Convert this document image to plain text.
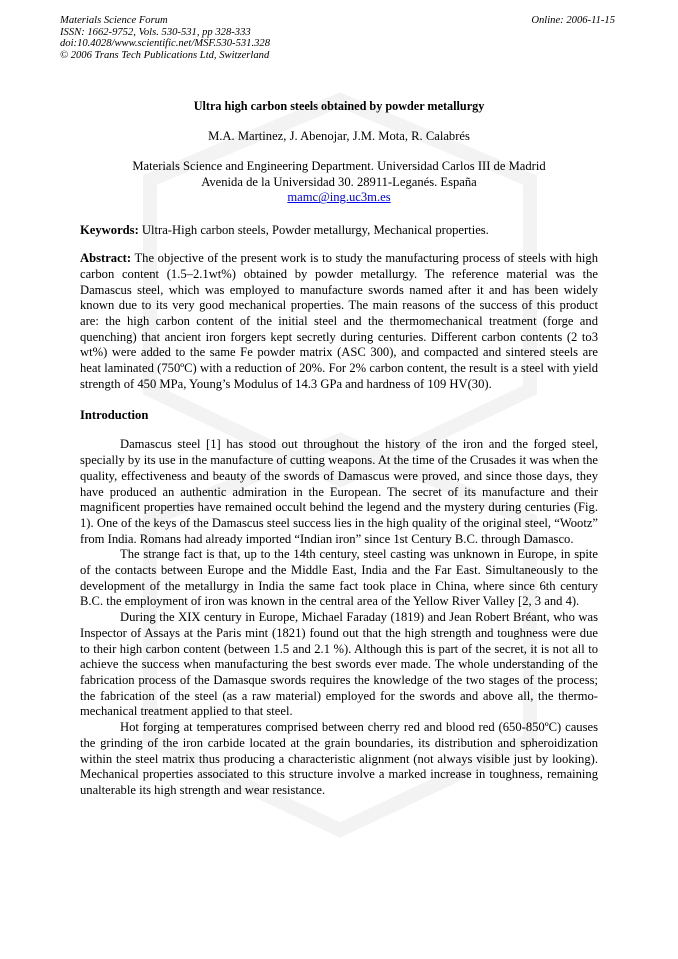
Materials Science Forum
ISSN: 1662-9752, Vols. 530-531, pp 328-333
doi:10.4028/www.scientific.net/MSF.530-531.328
© 2006 Trans Tech Publications Ltd, Switzerland
Online: 2006-11-15
Ultra high carbon steels obtained by powder metallurgy
M.A. Martinez, J. Abenojar, J.M. Mota, R. Calabrés
Materials Science and Engineering Department. Universidad Carlos III de Madrid
Avenida de la Universidad 30. 28911-Leganés. España
mamc@ing.uc3m.es
Keywords: Ultra-High carbon steels, Powder metallurgy, Mechanical properties.
Abstract: The objective of the present work is to study the manufacturing process of steels with high carbon content (1.5–2.1wt%) obtained by powder metallurgy. The reference material was the Damascus steel, which was employed to manufacture swords named after it and has been widely known due to its very good mechanical properties. The main reasons of the success of this product are: the high carbon content of the initial steel and the thermomechanical treatment (forge and quenching) that ancient iron forgers kept secretly during centuries. Different carbon contents (2 to3 wt%) were added to the same Fe powder matrix (ASC 300), and compacted and sintered steels are heat laminated (750ºC) with a reduction of 20%. For 2% carbon content, the result is a steel with yield strength of 450 MPa, Young’s Modulus of 14.3 GPa and hardness of 109 HV(30).
Introduction

Damascus steel [1] has stood out throughout the history of the iron and the forged steel, specially by its use in the manufacture of cutting weapons. At the time of the Crusades it was when the quality, effectiveness and beauty of the swords of Damascus were proved, and since those days, they have produced an authentic admiration in the European. The secret of its manufacture and their magnificent properties have remained occult behind the legend and the mystery during centuries (Fig. 1). One of the keys of the Damascus steel success lies in the high quality of the original steel, “Wootz” from India. Romans had already imported “Indian iron” since 1st Century B.C. through Damasco.

The strange fact is that, up to the 14th century, steel casting was unknown in Europe, in spite of the contacts between Europe and the Middle East, India and the Far East. Simultaneously to the development of the metallurgy in India the same fact took place in China, where since 6th century B.C. the employment of iron was known in the central area of the Yellow River Valley [2, 3 and 4).

During the XIX century in Europe, Michael Faraday (1819) and Jean Robert Bréant, who was Inspector of Assays at the Paris mint (1821) found out that the high strength and toughness were due to their high carbon content (between 1.5 and 2.1 %). Although this is part of the secret, it is not all to achieve the success when manufacturing the best swords ever made. The whole understanding of the fabrication process of the Damasque swords requires the knowledge of the two stages of the process; the fabrication of the steel (as a raw material) employed for the swords and above all, the thermo-mechanical treatment applied to that steel.

Hot forging at temperatures comprised between cherry red and blood red (650-850ºC) causes the grinding of the iron carbide located at the grain boundaries, its distribution and spheroidization within the steel matrix thus producing a characteristic alignment (not always visible just by looking). Mechanical properties associated to this structure involve a marked increase in toughness, remaining unalterable its high strength and wear resistance.
